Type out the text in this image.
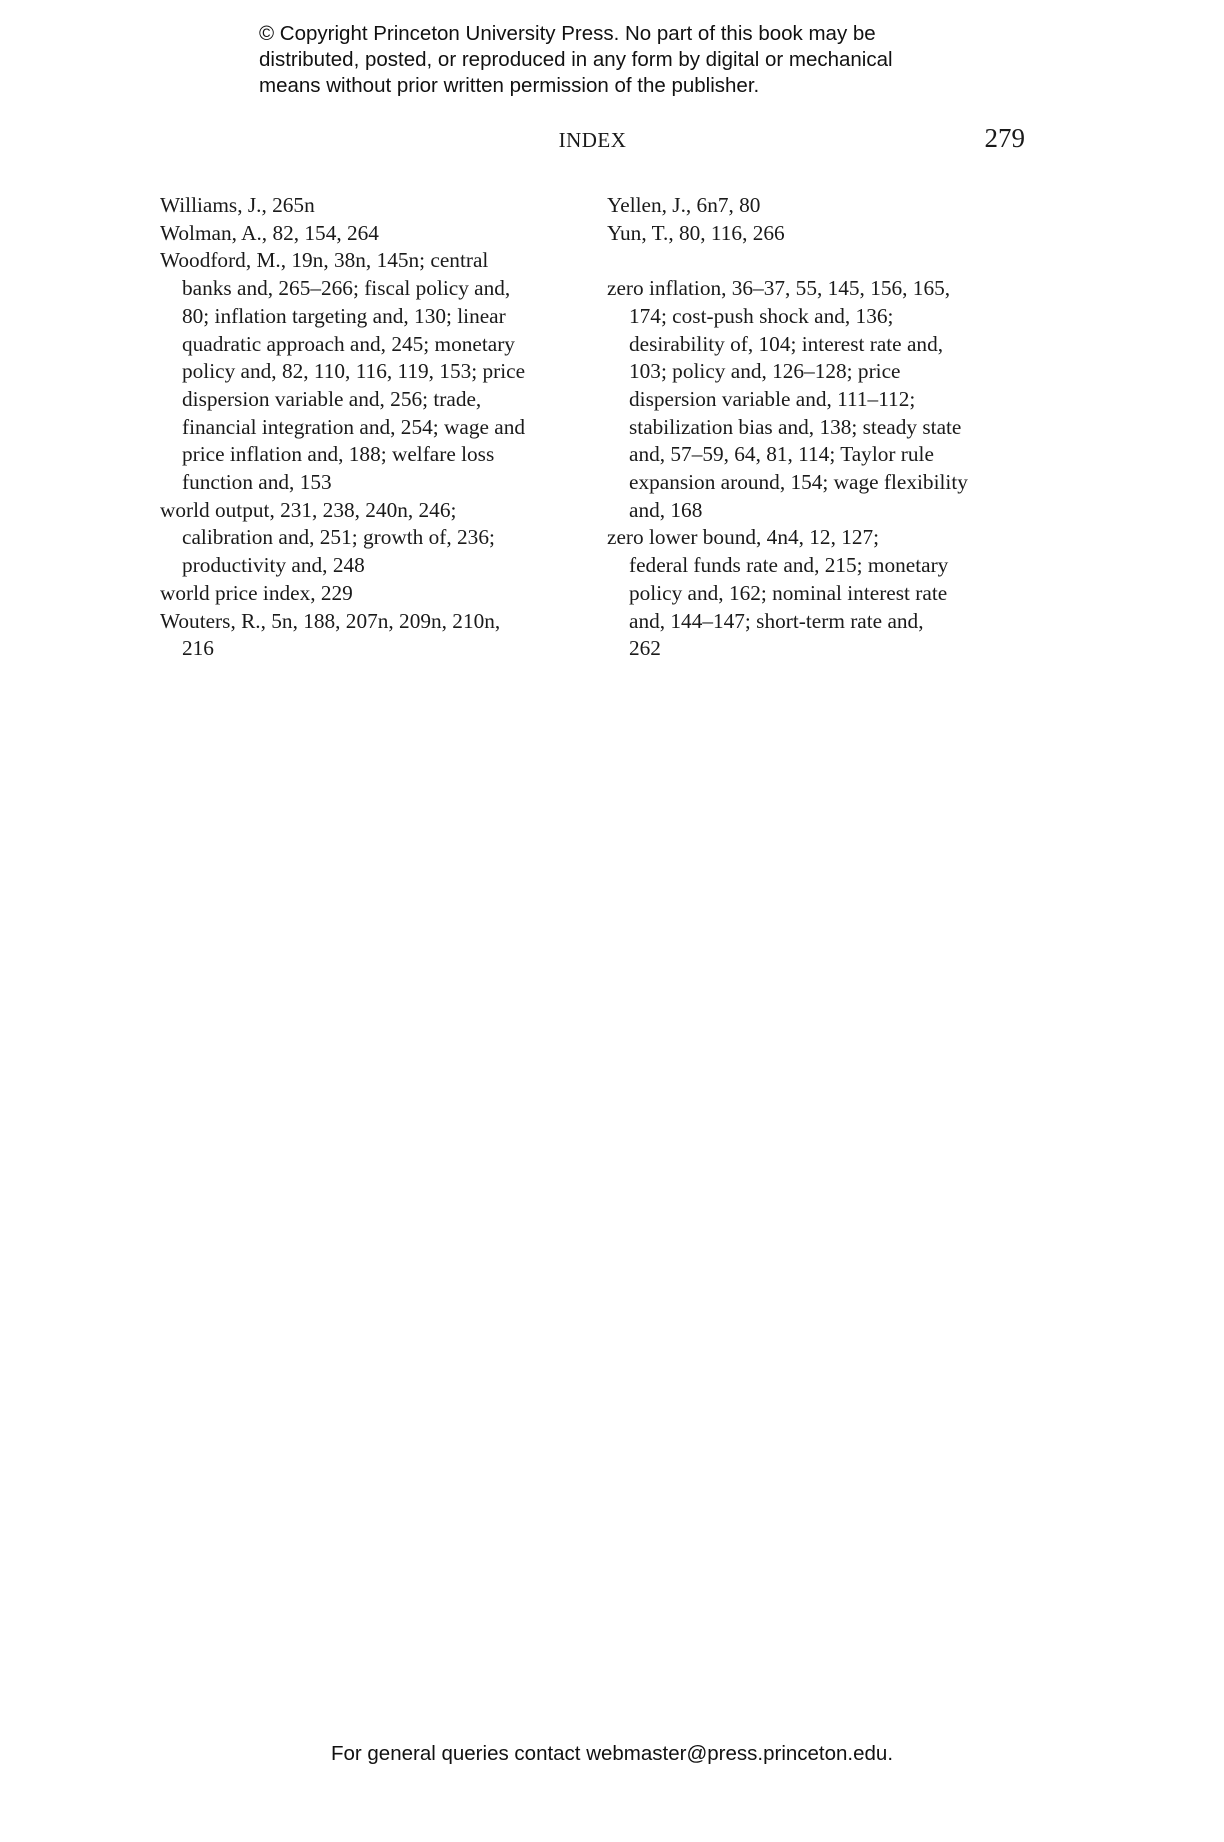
© Copyright Princeton University Press. No part of this book may be
distributed, posted, or reproduced in any form by digital or mechanical
means without prior written permission of the publisher.
INDEX	279
Williams, J., 265n
Wolman, A., 82, 154, 264
Woodford, M., 19n, 38n, 145n; central
banks and, 265–266; fiscal policy and,
80; inflation targeting and, 130; linear
quadratic approach and, 245; monetary
policy and, 82, 110, 116, 119, 153; price
dispersion variable and, 256; trade,
financial integration and, 254; wage and
price inflation and, 188; welfare loss
function and, 153
world output, 231, 238, 240n, 246;
calibration and, 251; growth of, 236;
productivity and, 248
world price index, 229
Wouters, R., 5n, 188, 207n, 209n, 210n,
216
Yellen, J., 6n7, 80
Yun, T., 80, 116, 266
zero inflation, 36–37, 55, 145, 156, 165,
174; cost-push shock and, 136;
desirability of, 104; interest rate and,
103; policy and, 126–128; price
dispersion variable and, 111–112;
stabilization bias and, 138; steady state
and, 57–59, 64, 81, 114; Taylor rule
expansion around, 154; wage flexibility
and, 168
zero lower bound, 4n4, 12, 127;
federal funds rate and, 215; monetary
policy and, 162; nominal interest rate
and, 144–147; short-term rate and,
262
For general queries contact webmaster@press.princeton.edu.
